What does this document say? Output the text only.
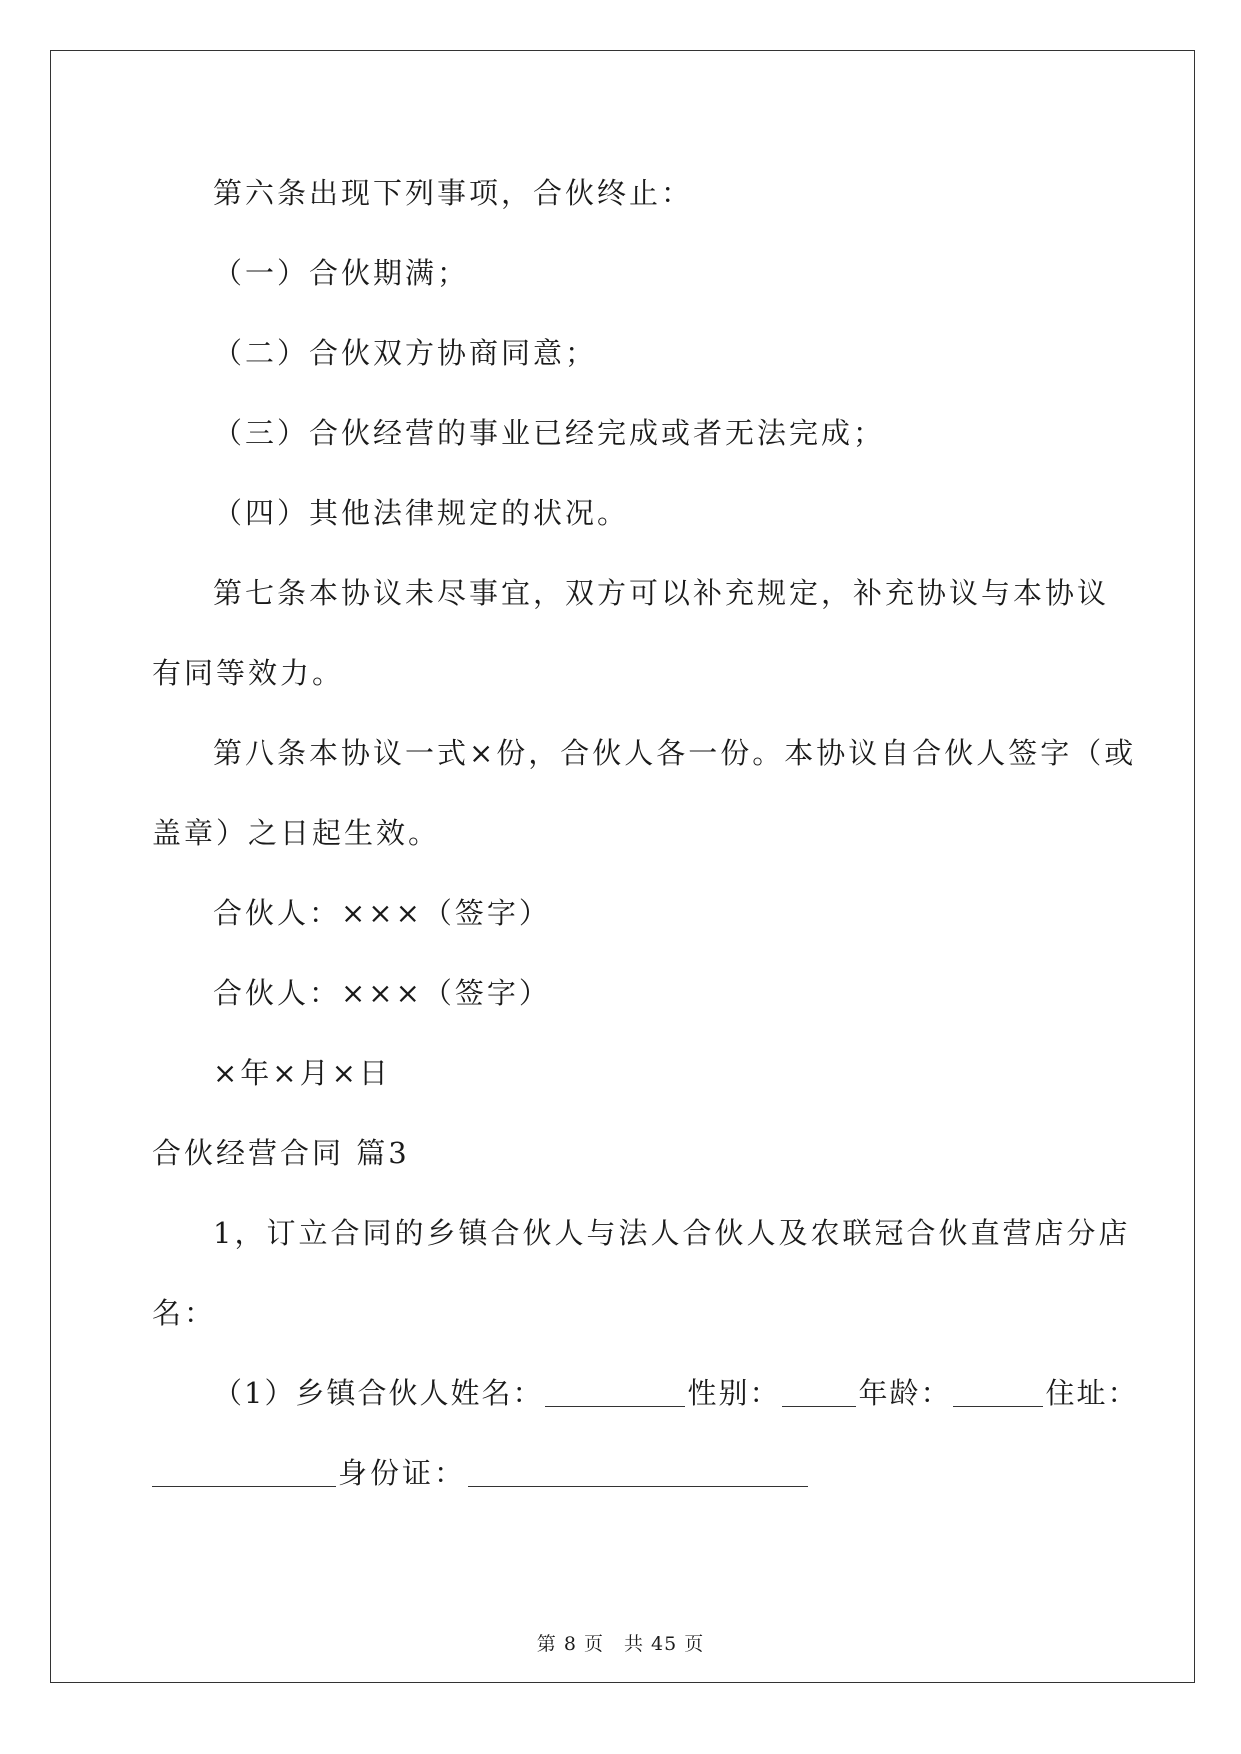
第六条出现下列事项，合伙终止：
（一）合伙期满；
（二）合伙双方协商同意；
（三）合伙经营的事业已经完成或者无法完成；
（四）其他法律规定的状况。
第七条本协议未尽事宜，双方可以补充规定，补充协议与本协议
有同等效力。
第八条本协议一式×份，合伙人各一份。本协议自合伙人签字（或
盖章）之日起生效。
合伙人：×××（签字）
合伙人：×××（签字）
×年×月×日
合伙经营合同 篇3
1，订立合同的乡镇合伙人与法人合伙人及农联冠合伙直营店分店
名：
（1）乡镇合伙人姓名：	性别：	年龄：	住址：
身份证：
第 8 页　共 45 页
